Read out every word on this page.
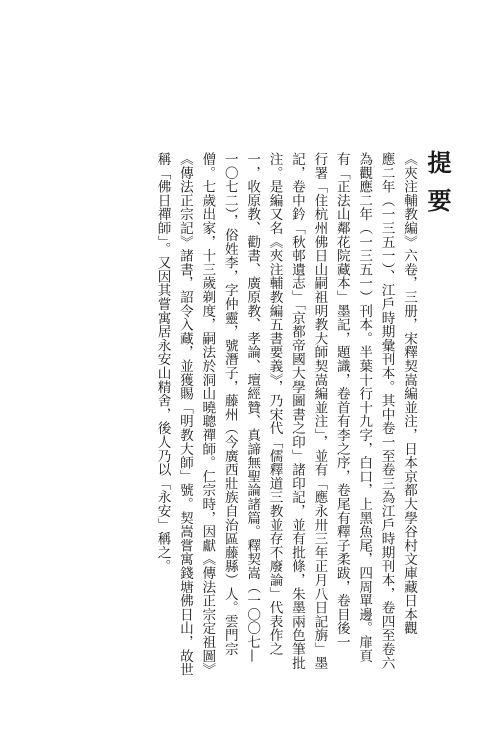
提要
《夾注輔教編》六卷，三册，宋釋契嵩編並注，日本京都大學谷村文庫藏日本觀
應二年（一三五一）、江戶時期彙刊本。其中卷一至卷三為江戶時期刊本，卷四至卷六
為觀應二年（一三五一）刊本。半葉十行十九字，白口，上黑魚尾，四周單邊。扉頁
有「正法山鄰花院藏本」墨記，題識，卷首有李之序，卷尾有釋子柔跋，卷目後一
行署「住杭州佛日山嗣祖明教大師契嵩編並注」，並有「應永卅三年正月八日記旃」墨
記，卷中鈐「秋邨遺志」「京都帝國大學圖書之印」諸印記，並有批條，朱墨兩色筆批
注。是編又名《夾注輔教編五書要義》，乃宋代「儒釋道三教並存不廢論」代表作之
一，收原教、勸書、廣原教、孝論、壇經贊、真諦無聖論諸篇。釋契嵩（一〇〇七—
一〇七二），俗姓李，字仲靈，號潛子，藤州（今廣西壯族自治區藤縣）人。雲門宗
僧。七歲出家，十三歲剃度，嗣法於洞山曉聰禪師。仁宗時，因獻《傳法正宗定祖圖》
《傳法正宗記》諸書，詔令入藏，並獲賜「明教大師」號。契嵩嘗寓錢塘佛日山，故世
稱「佛日禪師」。又因其嘗寓居永安山精舍，後人乃以「永安」稱之。
